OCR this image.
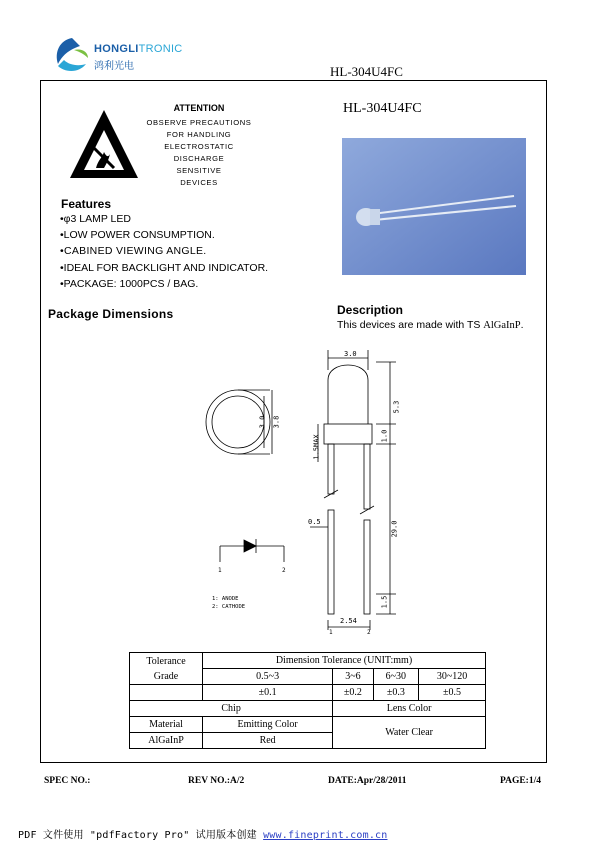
HONGLITRONIC
鸿利光电	HL-304U4FC
ATTENTION
OBSERVE PRECAUTIONS
FOR HANDLING
ELECTROSTATIC
DISCHARGE
SENSITIVE
DEVICES
HL-304U4FC
Features
•φ3 LAMP LED
•LOW POWER CONSUMPTION.
•CABINED VIEWING ANGLE.
•IDEAL FOR BACKLIGHT AND INDICATOR.
•PACKAGE: 1000PCS / BAG.
Package Dimensions	Description
This devices are made with TS AlGaInP.
3.0
5.3
3.0 3.8
1.0
1.5MAX
0.5	29.0
1.5
2.54
1	2
1	2
1: ANODE
2: CATHODE
Tolerance
Grade	Dimension Tolerance (UNIT:mm)			
	0.5~3	3~6	6~30	30~120
	±0.1	±0.2	±0.3	±0.5
Chip		Lens Color		
Material	Emitting Color	Water Clear		
AlGaInP	Red			
SPEC NO.:	REV NO.:A/2	DATE:Apr/28/2011	PAGE:1/4
PDF 文件使用 "pdfFactory Pro" 试用版本创建 www.fineprint.com.cn
